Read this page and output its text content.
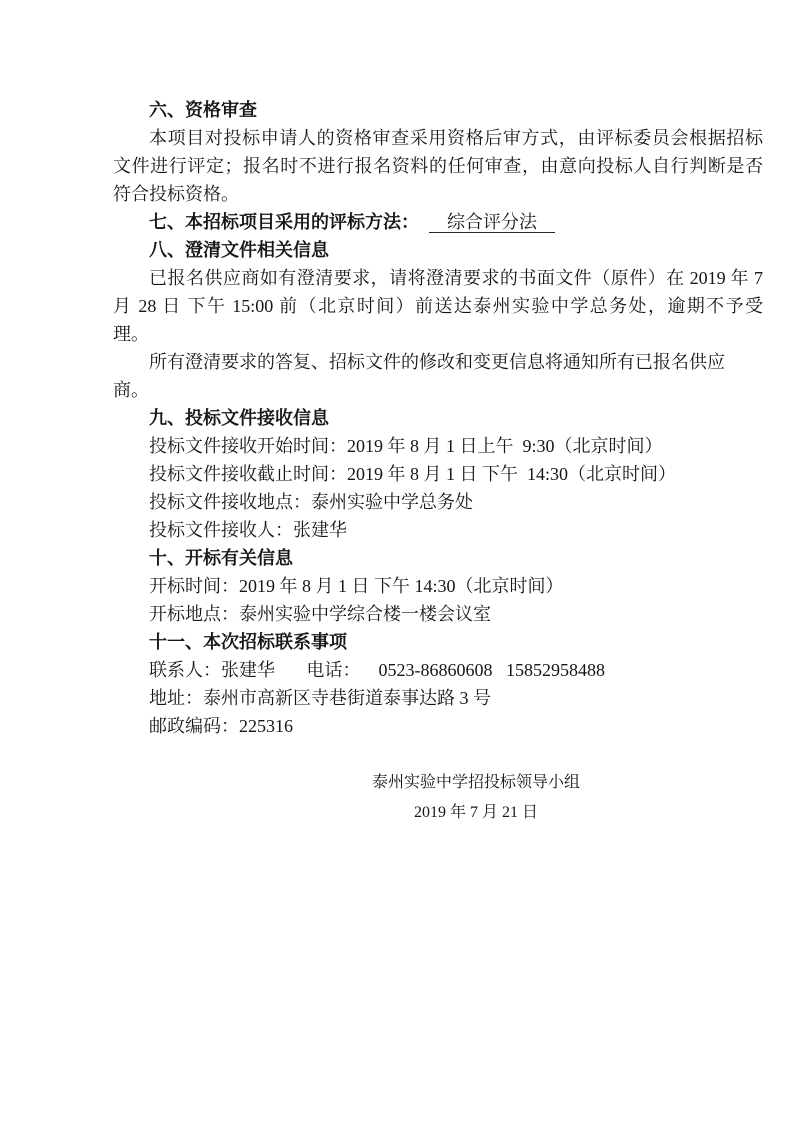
六、资格审查
本项目对投标申请人的资格审查采用资格后审方式，由评标委员会根据招标
文件进行评定；报名时不进行报名资料的任何审查，由意向投标人自行判断是否
符合投标资格。
七、本招标项目采用的评标方法： 综合评分法
八、澄清文件相关信息
已报名供应商如有澄清要求，请将澄清要求的书面文件（原件）在 2019 年 7
月 28 日 下午 15:00 前（北京时间）前送达泰州实验中学总务处，逾期不予受
理。
所有澄清要求的答复、招标文件的修改和变更信息将通知所有已报名供应
商。
九、投标文件接收信息
投标文件接收开始时间：2019 年 8 月 1 日上午  9:30（北京时间）
投标文件接收截止时间：2019 年 8 月 1 日 下午  14:30（北京时间）
投标文件接收地点：泰州实验中学总务处
投标文件接收人：张建华
十、开标有关信息
开标时间：2019 年 8 月 1 日 下午 14:30（北京时间）
开标地点：泰州实验中学综合楼一楼会议室
十一、本次招标联系事项
联系人：张建华       电话：    0523-86860608   15852958488
地址：泰州市高新区寺巷街道泰事达路 3 号
邮政编码：225316
泰州实验中学招投标领导小组
2019 年 7 月 21 日
